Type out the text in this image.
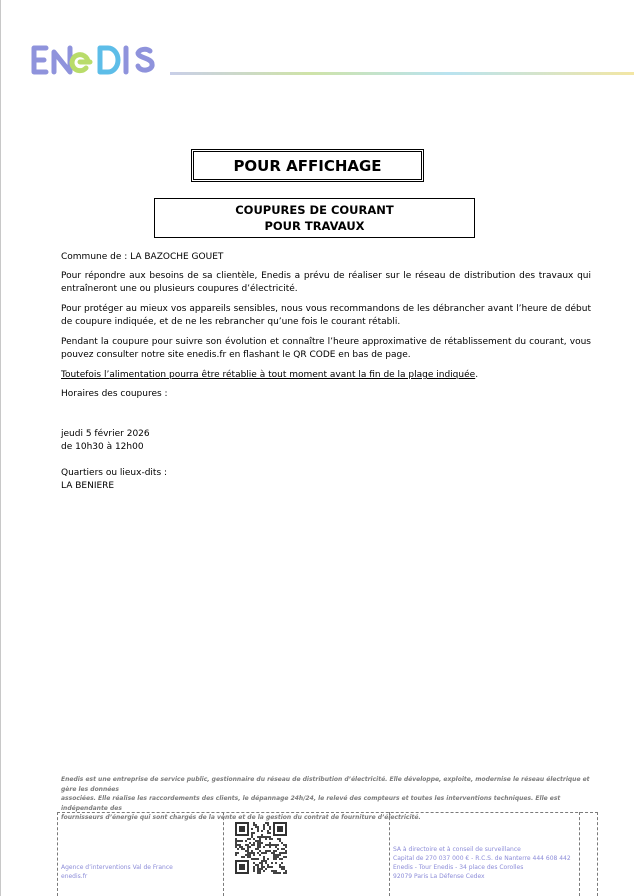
POUR AFFICHAGE
COUPURES DE COURANT
POUR TRAVAUX
Commune de : LA BAZOCHE GOUET
Pour répondre aux besoins de sa clientèle, Enedis a prévu de réaliser sur le réseau de distribution des travaux qui entraîneront une ou plusieurs coupures d’électricité.
Pour protéger au mieux vos appareils sensibles, nous vous recommandons de les débrancher avant l’heure de début de coupure indiquée, et de ne les rebrancher qu’une fois le courant rétabli.
Pendant la coupure pour suivre son évolution et connaître l’heure approximative de rétablissement du courant, vous pouvez consulter notre site enedis.fr en flashant le QR CODE en bas de page.
Toutefois l’alimentation pourra être rétablie à tout moment avant la fin de la plage indiquée.
Horaires des coupures :
jeudi 5 février 2026
de 10h30 à 12h00
Quartiers ou lieux-dits :
LA BENIERE
Enedis est une entreprise de service public, gestionnaire du réseau de distribution d’électricité. Elle développe, exploite, modernise le réseau électrique et gère les données
associées. Elle réalise les raccordements des clients, le dépannage 24h/24, le relevé des compteurs et toutes les interventions techniques. Elle est indépendante des
fournisseurs d’énergie qui sont chargés de la vente et de la gestion du contrat de fourniture d’électricité.
Agence d’interventions Val de France
enedis.fr
SA à directoire et à conseil de surveillance
Capital de 270 037 000 € - R.C.S. de Nanterre 444 608 442
Enedis - Tour Enedis - 34 place des Corolles
92079 Paris La Défense Cedex
